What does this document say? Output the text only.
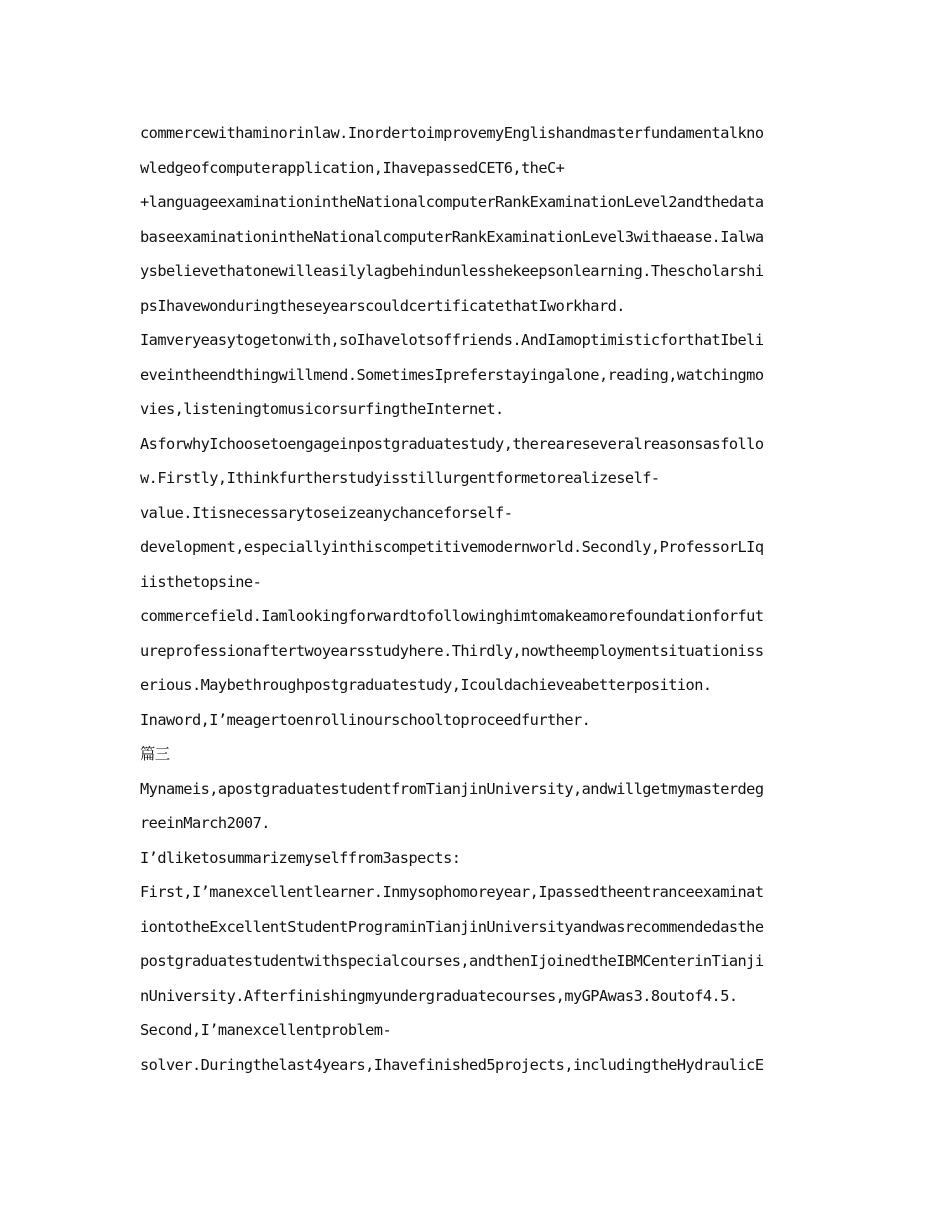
commercewithaminorinlaw.InordertoimprovemyEnglishandmasterfundamentalkno
wledgeofcomputerapplication,IhavepassedCET6,theC+
+languageexaminationintheNationalcomputerRankExaminationLevel2andthedata
baseexaminationintheNationalcomputerRankExaminationLevel3withaease.Ialwa
ysbelievethatonewilleasilylagbehindunlesshekeepsonlearning.Thescholarshi
psIhavewonduringtheseyearscouldcertificatethatIworkhard.
Iamveryeasytogetonwith,soIhavelotsoffriends.AndIamoptimisticforthatIbeli
eveintheendthingwillmend.SometimesIpreferstayingalone,reading,watchingmo
vies,listeningtomusicorsurfingtheInternet.
AsforwhyIchoosetoengageinpostgraduatestudy,thereareseveralreasonsasfollo
w.Firstly,Ithinkfurtherstudyisstillurgentformetorealizeself-
value.Itisnecessarytoseizeanychanceforself-
development,especiallyinthiscompetitivemodernworld.Secondly,ProfessorLIq
iisthetopsine-
commercefield.Iamlookingforwardtofollowinghimtomakeamorefoundationforfut
ureprofessionaftertwoyearsstudyhere.Thirdly,nowtheemploymentsituationiss
erious.Maybethroughpostgraduatestudy,Icouldachieveabetterposition.
Inaword,I’meagertoenrollinourschooltoproceedfurther.
篇三
Mynameis,apostgraduatestudentfromTianjinUniversity,andwillgetmymasterdeg
reeinMarch2007.
I’dliketosummarizemyselffrom3aspects:
First,I’manexcellentlearner.Inmysophomoreyear,Ipassedtheentranceexaminat
iontotheExcellentStudentPrograminTianjinUniversityandwasrecommendedasthe
postgraduatestudentwithspecialcourses,andthenIjoinedtheIBMCenterinTianji
nUniversity.Afterfinishingmyundergraduatecourses,myGPAwas3.8outof4.5.
Second,I’manexcellentproblem-
solver.Duringthelast4years,Ihavefinished5projects,includingtheHydraulicE
